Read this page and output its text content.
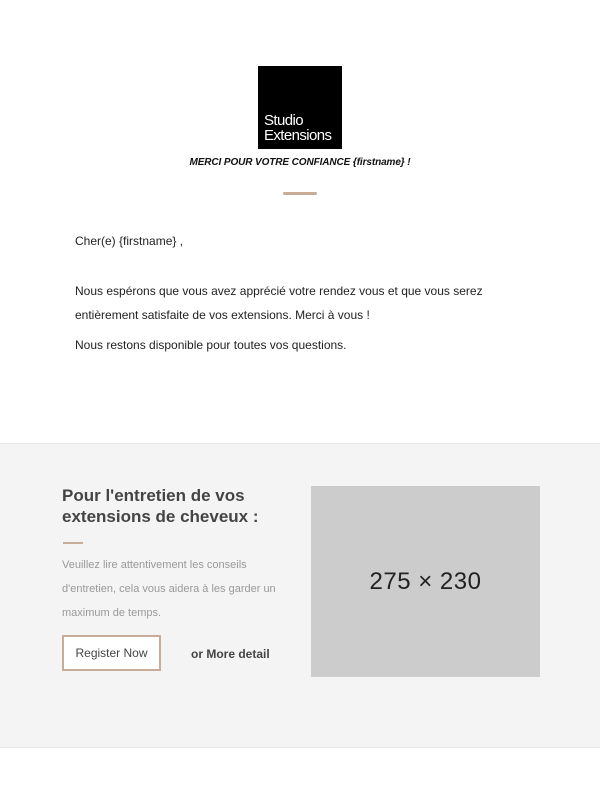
Studio
Extensions
MERCI POUR VOTRE CONFIANCE {firstname} !

Cher(e) {firstname} ,

Nous espérons que vous avez apprécié votre rendez vous et que vous serez entièrement satisfaite de vos extensions. Merci à vous !

Nous restons disponible pour toutes vos questions.

Pour l'entretien de vos extensions de cheveux :

Veuillez lire attentivement les conseils d'entretien, cela vous aidera à les garder un maximum de temps.

Register Now	or More detail
275 × 230
